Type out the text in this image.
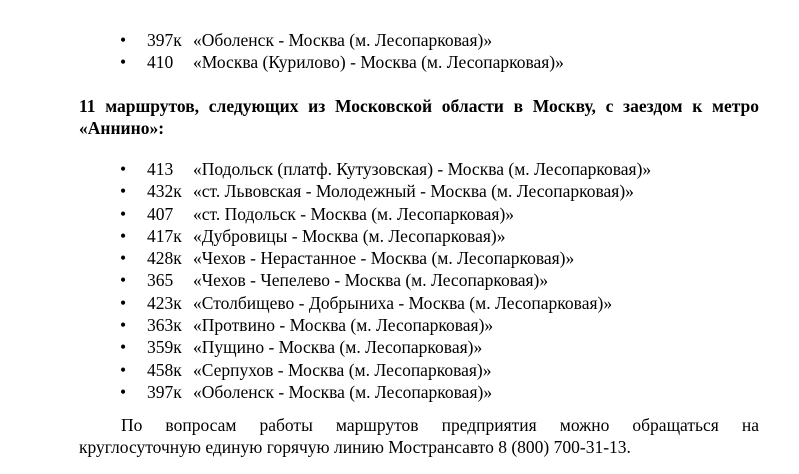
• 397к «Оболенск - Москва (м. Лесопарковая)»
• 410 «Москва (Курилово) - Москва (м. Лесопарковая)»
11 маршрутов, следующих из Московской области в Москву, с заездом к метро «Аннино»:
• 413 «Подольск (платф. Кутузовская) - Москва (м. Лесопарковая)»
• 432к «ст. Львовская - Молодежный - Москва (м. Лесопарковая)»
• 407 «ст. Подольск - Москва (м. Лесопарковая)»
• 417к «Дубровицы - Москва (м. Лесопарковая)»
• 428к «Чехов - Нерастанное - Москва (м. Лесопарковая)»
• 365 «Чехов - Чепелево - Москва (м. Лесопарковая)»
• 423к «Столбищево - Добрыниха - Москва (м. Лесопарковая)»
• 363к «Протвино - Москва (м. Лесопарковая)»
• 359к «Пущино - Москва (м. Лесопарковая)»
• 458к «Серпухов - Москва (м. Лесопарковая)»
• 397к «Оболенск - Москва (м. Лесопарковая)»
По вопросам работы маршрутов предприятия можно обращаться на
круглосуточную единую горячую линию Мострансавто 8 (800) 700-31-13.
